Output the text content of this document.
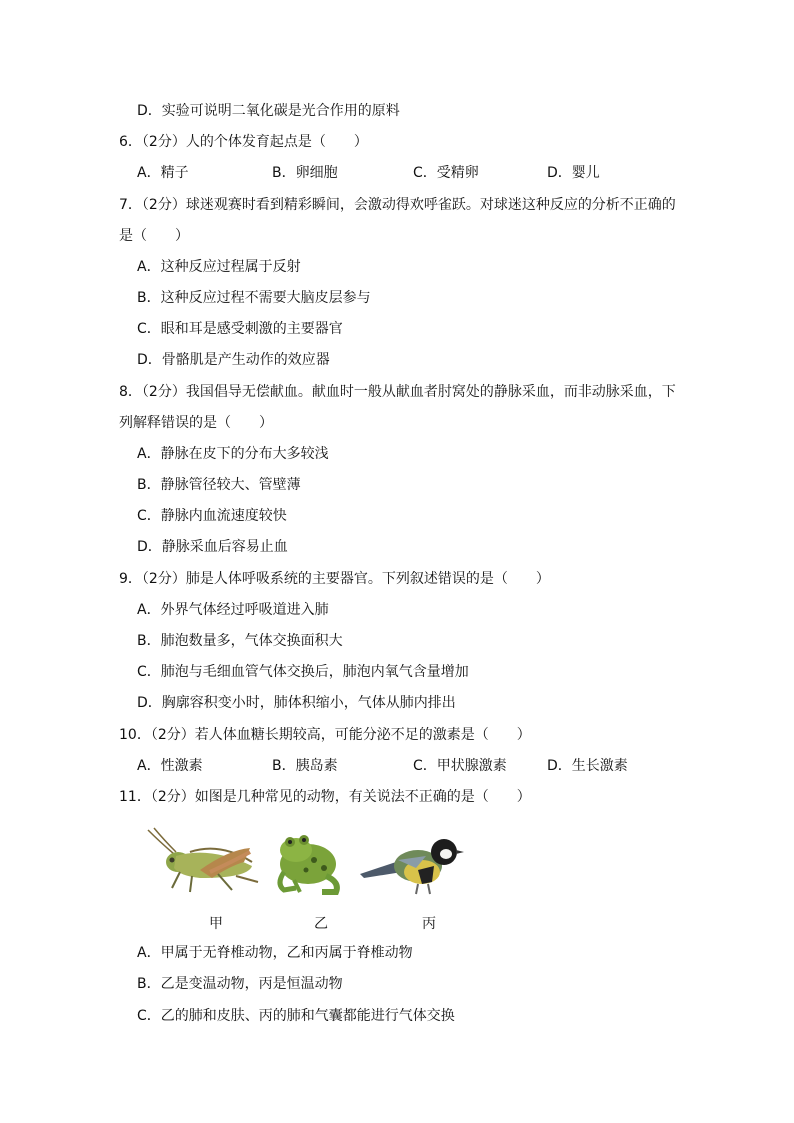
D．实验可说明二氧化碳是光合作用的原料
6．（2分）人的个体发育起点是（　　）
A．精子	B．卵细胞	C．受精卵	D．婴儿
7．（2分）球迷观赛时看到精彩瞬间，会激动得欢呼雀跃。对球迷这种反应的分析不正确的
是（　　）
A．这种反应过程属于反射
B．这种反应过程不需要大脑皮层参与
C．眼和耳是感受刺激的主要器官
D．骨骼肌是产生动作的效应器
8．（2分）我国倡导无偿献血。献血时一般从献血者肘窝处的静脉采血，而非动脉采血，下
列解释错误的是（　　）
A．静脉在皮下的分布大多较浅
B．静脉管径较大、管壁薄
C．静脉内血流速度较快
D．静脉采血后容易止血
9．（2分）肺是人体呼吸系统的主要器官。下列叙述错误的是（　　）
A．外界气体经过呼吸道进入肺
B．肺泡数量多，气体交换面积大
C．肺泡与毛细血管气体交换后，肺泡内氧气含量增加
D．胸廓容积变小时，肺体积缩小，气体从肺内排出
10．（2分）若人体血糖长期较高，可能分泌不足的激素是（　　）
A．性激素	B．胰岛素	C．甲状腺激素	D．生长激素
11．（2分）如图是几种常见的动物，有关说法不正确的是（　　）
甲	乙	丙
A．甲属于无脊椎动物，乙和丙属于脊椎动物
B．乙是变温动物，丙是恒温动物
C．乙的肺和皮肤、丙的肺和气囊都能进行气体交换
